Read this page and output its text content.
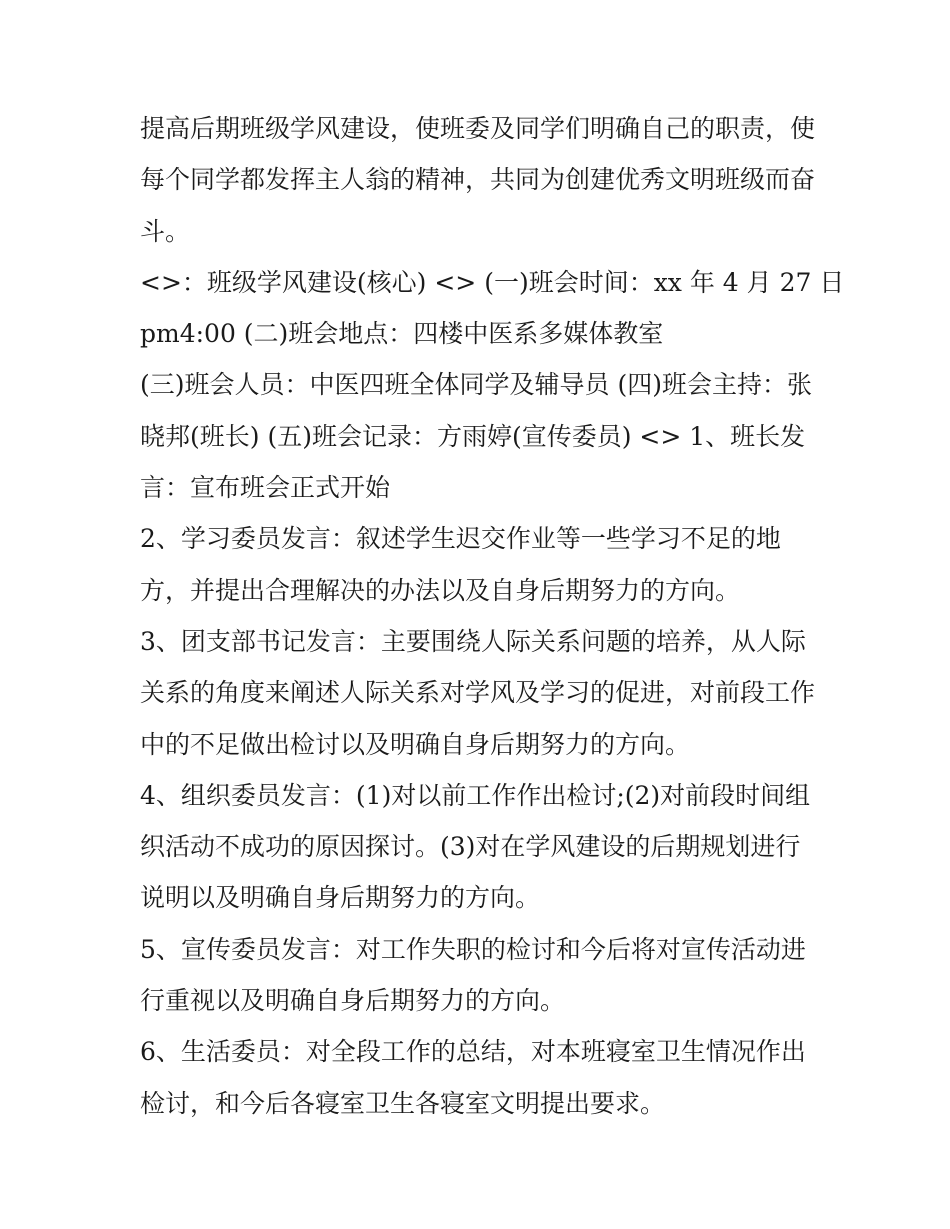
提高后期班级学风建设，使班委及同学们明确自己的职责，使
每个同学都发挥主人翁的精神，共同为创建优秀文明班级而奋
斗。
<>：班级学风建设(核心) <> (一)班会时间：xx 年 4 月 27 日
pm4:00 (二)班会地点：四楼中医系多媒体教室
(三)班会人员：中医四班全体同学及辅导员 (四)班会主持：张
晓邦(班长) (五)班会记录：方雨婷(宣传委员) <> 1、班长发
言：宣布班会正式开始
2、学习委员发言：叙述学生迟交作业等一些学习不足的地
方，并提出合理解决的办法以及自身后期努力的方向。
3、团支部书记发言：主要围绕人际关系问题的培养，从人际
关系的角度来阐述人际关系对学风及学习的促进，对前段工作
中的不足做出检讨以及明确自身后期努力的方向。
4、组织委员发言：(1)对以前工作作出检讨;(2)对前段时间组
织活动不成功的原因探讨。(3)对在学风建设的后期规划进行
说明以及明确自身后期努力的方向。
5、宣传委员发言：对工作失职的检讨和今后将对宣传活动进
行重视以及明确自身后期努力的方向。
6、生活委员：对全段工作的总结，对本班寝室卫生情况作出
检讨，和今后各寝室卫生各寝室文明提出要求。
